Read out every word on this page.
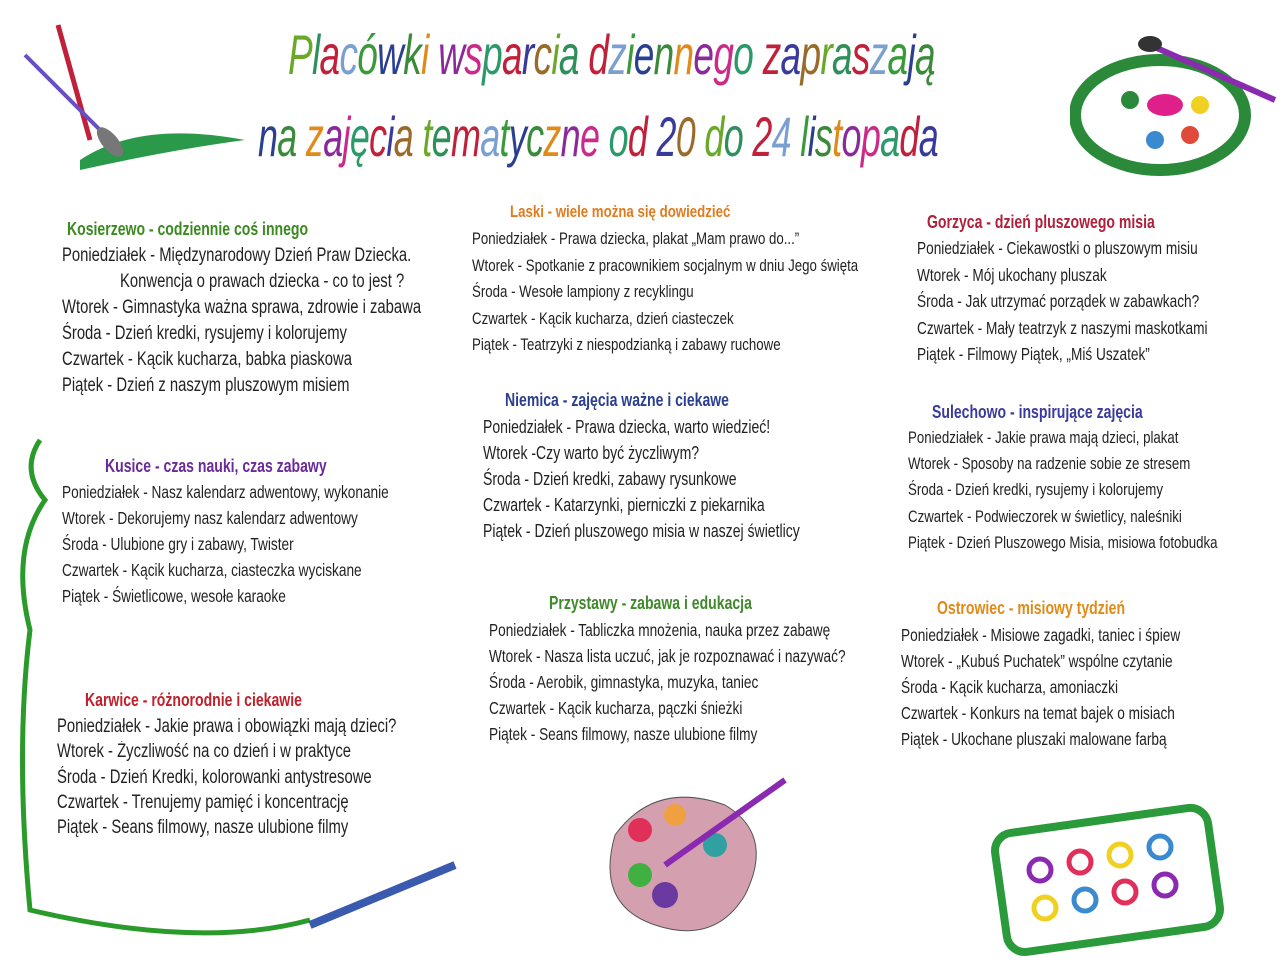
Placówki wsparcia dziennego zapraszają
na zajęcia tematyczne od 20 do 24 listopada
Kosierzewo - codziennie coś innego
Poniedziałek - Międzynarodowy Dzień Praw Dziecka.
Konwencja o prawach dziecka - co to jest ?
Wtorek - Gimnastyka ważna sprawa, zdrowie i zabawa
Środa - Dzień kredki, rysujemy i kolorujemy
Czwartek - Kącik kucharza, babka piaskowa
Piątek - Dzień z naszym pluszowym misiem
Laski - wiele można się dowiedzieć
Poniedziałek - Prawa dziecka, plakat „Mam prawo do...”
Wtorek - Spotkanie z pracownikiem socjalnym w dniu Jego święta
Środa - Wesołe lampiony z recyklingu
Czwartek - Kącik kucharza, dzień ciasteczek
Piątek - Teatrzyki z niespodzianką i zabawy ruchowe
Gorzyca - dzień pluszowego misia
Poniedziałek - Ciekawostki o pluszowym misiu
Wtorek - Mój ukochany pluszak
Środa - Jak utrzymać porządek w zabawkach?
Czwartek - Mały teatrzyk z naszymi maskotkami
Piątek - Filmowy Piątek, „Miś Uszatek”
Niemica - zajęcia ważne i ciekawe
Poniedziałek - Prawa dziecka, warto wiedzieć!
Wtorek -Czy warto być życzliwym?
Środa - Dzień kredki, zabawy rysunkowe
Czwartek - Katarzynki, pierniczki z piekarnika
Piątek - Dzień pluszowego misia w naszej świetlicy
Sulechowo - inspirujące zajęcia
Poniedziałek - Jakie prawa mają dzieci, plakat
Wtorek - Sposoby na radzenie sobie ze stresem
Środa - Dzień kredki, rysujemy i kolorujemy
Czwartek - Podwieczorek w świetlicy, naleśniki
Piątek - Dzień Pluszowego Misia, misiowa fotobudka
Kusice - czas nauki, czas zabawy
Poniedziałek - Nasz kalendarz adwentowy, wykonanie
Wtorek - Dekorujemy nasz kalendarz adwentowy
Środa - Ulubione gry i zabawy, Twister
Czwartek - Kącik kucharza, ciasteczka wyciskane
Piątek - Świetlicowe, wesołe karaoke	Przystawy - zabawa i edukacja
Poniedziałek - Tabliczka mnożenia, nauka przez zabawę
Wtorek - Nasza lista uczuć, jak je rozpoznawać i nazywać?
Środa - Aerobik, gimnastyka, muzyka, taniec
Czwartek - Kącik kucharza, pączki śnieżki
Piątek - Seans filmowy, nasze ulubione filmy
Ostrowiec - misiowy tydzień
Poniedziałek - Misiowe zagadki, taniec i śpiew
Wtorek - „Kubuś Puchatek” wspólne czytanie
Środa - Kącik kucharza, amoniaczki
Czwartek - Konkurs na temat bajek o misiach
Piątek - Ukochane pluszaki malowane farbą
Karwice - różnorodnie i ciekawie
Poniedziałek - Jakie prawa i obowiązki mają dzieci?
Wtorek - Życzliwość na co dzień i w praktyce
Środa - Dzień Kredki, kolorowanki antystresowe
Czwartek - Trenujemy pamięć i koncentrację
Piątek - Seans filmowy, nasze ulubione filmy
